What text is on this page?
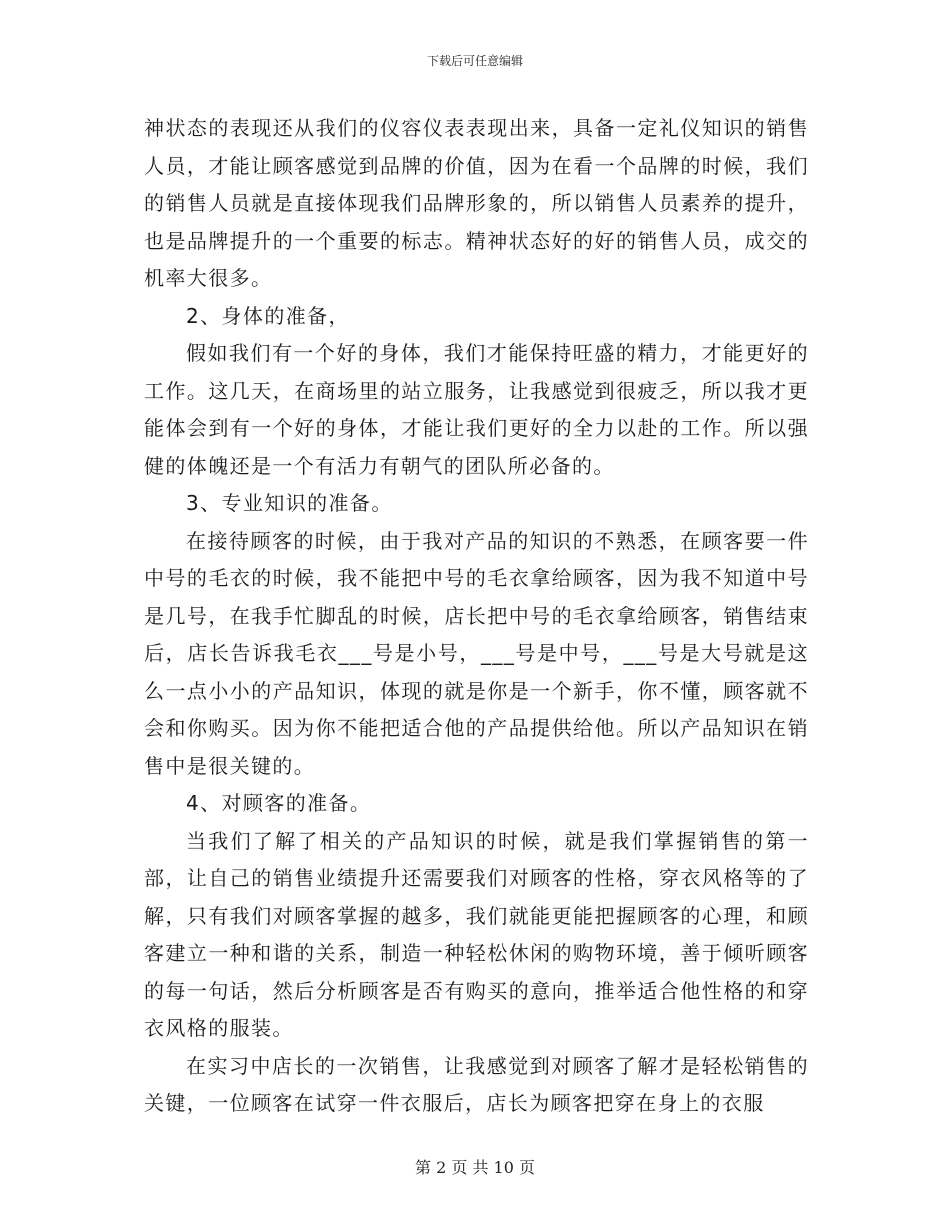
下载后可任意编辑

神状态的表现还从我们的仪容仪表表现出来，具备一定礼仪知识的销售人员，才能让顾客感觉到品牌的价值，因为在看一个品牌的时候，我们的销售人员就是直接体现我们品牌形象的，所以销售人员素养的提升，也是品牌提升的一个重要的标志。精神状态好的好的销售人员，成交的机率大很多。

2、身体的准备，

假如我们有一个好的身体，我们才能保持旺盛的精力，才能更好的工作。这几天，在商场里的站立服务，让我感觉到很疲乏，所以我才更能体会到有一个好的身体，才能让我们更好的全力以赴的工作。所以强健的体魄还是一个有活力有朝气的团队所必备的。

3、专业知识的准备。

在接待顾客的时候，由于我对产品的知识的不熟悉，在顾客要一件中号的毛衣的时候，我不能把中号的毛衣拿给顾客，因为我不知道中号是几号，在我手忙脚乱的时候，店长把中号的毛衣拿给顾客，销售结束后，店长告诉我毛衣___号是小号，___号是中号，___号是大号就是这么一点小小的产品知识，体现的就是你是一个新手，你不懂，顾客就不会和你购买。因为你不能把适合他的产品提供给他。所以产品知识在销售中是很关键的。

4、对顾客的准备。

当我们了解了相关的产品知识的时候，就是我们掌握销售的第一部，让自己的销售业绩提升还需要我们对顾客的性格，穿衣风格等的了解，只有我们对顾客掌握的越多，我们就能更能把握顾客的心理，和顾客建立一种和谐的关系，制造一种轻松休闲的购物环境，善于倾听顾客的每一句话，然后分析顾客是否有购买的意向，推举适合他性格的和穿衣风格的服装。

在实习中店长的一次销售，让我感觉到对顾客了解才是轻松销售的关键，一位顾客在试穿一件衣服后，店长为顾客把穿在身上的衣服

第 2 页 共 10 页
